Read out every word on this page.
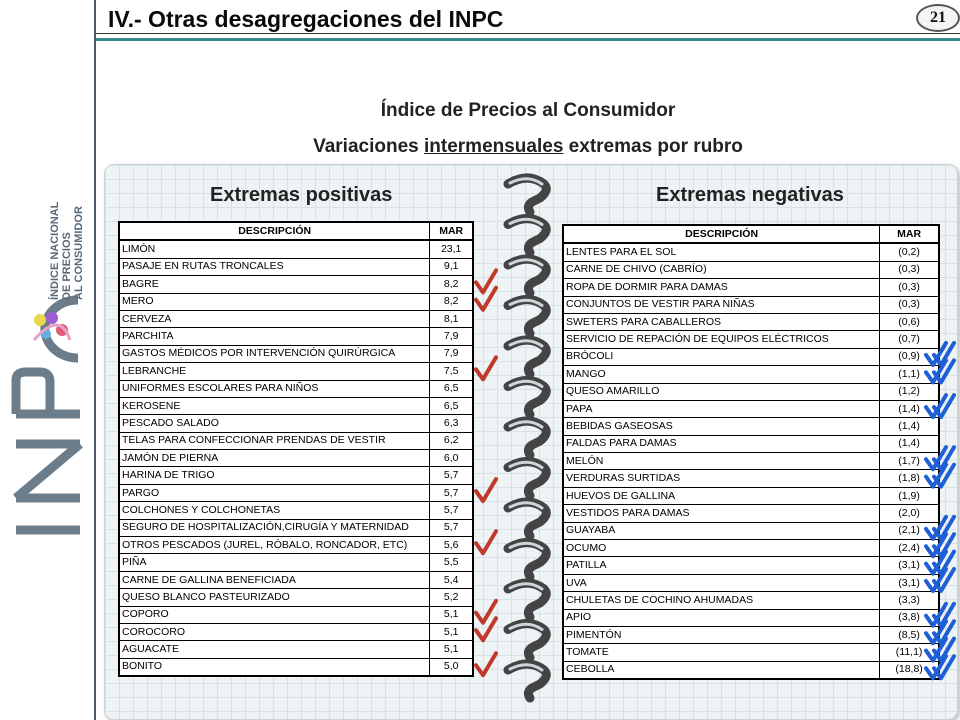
ÍNDICE NACIONAL DE PRECIOS AL CONSUMIDOR
IV.- Otras desagregaciones del INPC	21
Índice de Precios al Consumidor
Variaciones intermensuales extremas por rubro
Extremas positivas	Extremas negativas
DESCRIPCIÓN	MAR
LIMÓN	23,1
PASAJE EN RUTAS TRONCALES	9,1
BAGRE	8,2
MERO	8,2
CERVEZA	8,1
PARCHITA	7,9
GASTOS MÉDICOS POR INTERVENCIÓN QUIRÚRGICA	7,9
LEBRANCHE	7,5
UNIFORMES ESCOLARES PARA NIÑOS	6,5
KEROSENE	6,5
PESCADO SALADO	6,3
TELAS PARA CONFECCIONAR PRENDAS DE VESTIR	6,2
JAMÓN DE PIERNA	6,0
HARINA DE TRIGO	5,7
PARGO	5,7
COLCHONES Y COLCHONETAS	5,7
SEGURO DE HOSPITALIZACIÓN,CIRUGÍA Y MATERNIDAD	5,7
OTROS PESCADOS (JUREL, RÓBALO, RONCADOR, ETC)	5,6
PIÑA	5,5
CARNE DE GALLINA BENEFICIADA	5,4
QUESO BLANCO PASTEURIZADO	5,2
COPORO	5,1
COROCORO	5,1
AGUACATE	5,1
BONITO	5,0
DESCRIPCIÓN	MAR
LENTES PARA EL SOL	(0,2)
CARNE DE CHIVO (CABRÍO)	(0,3)
ROPA DE DORMIR PARA DAMAS	(0,3)
CONJUNTOS DE VESTIR PARA NIÑAS	(0,3)
SWETERS PARA CABALLEROS	(0,6)
SERVICIO DE REPACIÓN DE EQUIPOS ELÉCTRICOS	(0,7)
BRÓCOLI	(0,9)
MANGO	(1,1)
QUESO AMARILLO	(1,2)
PAPA	(1,4)
BEBIDAS GASEOSAS	(1,4)
FALDAS PARA DAMAS	(1,4)
MELÓN	(1,7)
VERDURAS SURTIDAS	(1,8)
HUEVOS DE GALLINA	(1,9)
VESTIDOS PARA DAMAS	(2,0)
GUAYABA	(2,1)
OCUMO	(2,4)
PATILLA	(3,1)
UVA	(3,1)
CHULETAS DE COCHINO AHUMADAS	(3,3)
APIO	(3,8)
PIMENTÓN	(8,5)
TOMATE	(11,1)
CEBOLLA	(18,8)
